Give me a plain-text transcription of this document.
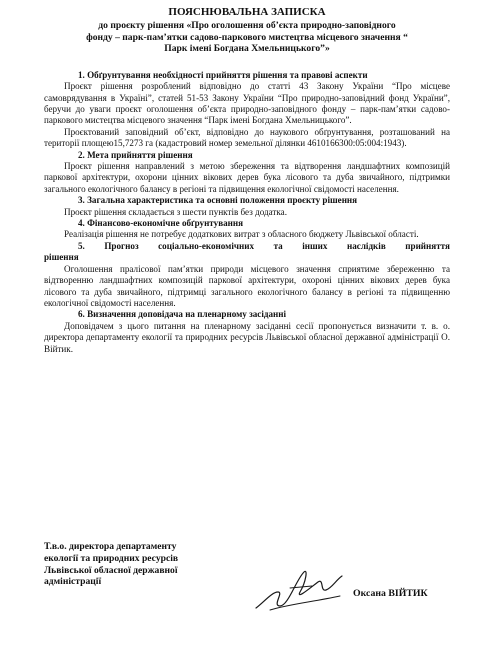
ПОЯСНЮВАЛЬНА ЗАПИСКА
до проєкту рішення «Про оголошення об’єкта природно-заповідного
фонду – парк-пам’ятки садово-паркового мистецтва місцевого значення “
Парк імені Богдана Хмельницького”»
1. Обґрунтування необхідності прийняття рішення та правові аспекти

Проєкт рішення розроблений відповідно до статті 43 Закону України “Про місцеве самоврядування в Україні”, статей 51-53 Закону України “Про природно-заповідний фонд України”, беручи до уваги проєкт оголошення об’єкта природно-заповідного фонду – парк-пам’ятки садово-паркового мистецтва місцевого значення “Парк імені Богдана Хмельницького”.

Проєктований заповідний об’єкт, відповідно до наукового обґрунтування, розташований на території площею15,7273 га (кадастровий номер земельної ділянки 4610166300:05:004:1943).

2. Мета прийняття рішення

Проєкт рішення направлений з метою збереження та відтворення ландшафтних композицій паркової архітектури, охорони цінних вікових дерев бука лісового та дуба звичайного, підтримки загального екологічного балансу в регіоні та підвищення екологічної свідомості населення.

3. Загальна характеристика та основні положення проєкту рішення

Проєкт рішення складається з шести пунктів без додатка.

4. Фінансово-економічне обґрунтування

Реалізація рішення не потребує додаткових витрат з обласного бюджету Львівської області.

5. Прогноз соціально-економічних та інших наслідків прийняття
рішення

Оголошення пралісової пам’ятки природи місцевого значення сприятиме збереженню та відтворенню ландшафтних композицій паркової архітектури, охороні цінних вікових дерев бука лісового та дуба звичайного, підтримці загального екологічного балансу в регіоні та підвищенню екологічної свідомості населення.

6. Визначення доповідача на пленарному засіданні

Доповідачем з цього питання на пленарному засіданні сесії пропонується визначити т. в. о. директора департаменту екології та природних ресурсів Львівської обласної державної адміністрації О. Війтик.

Т.в.о. директора департаменту
екології та природних ресурсів
Львівської обласної державної
адміністрації
Оксана ВІЙТИК
